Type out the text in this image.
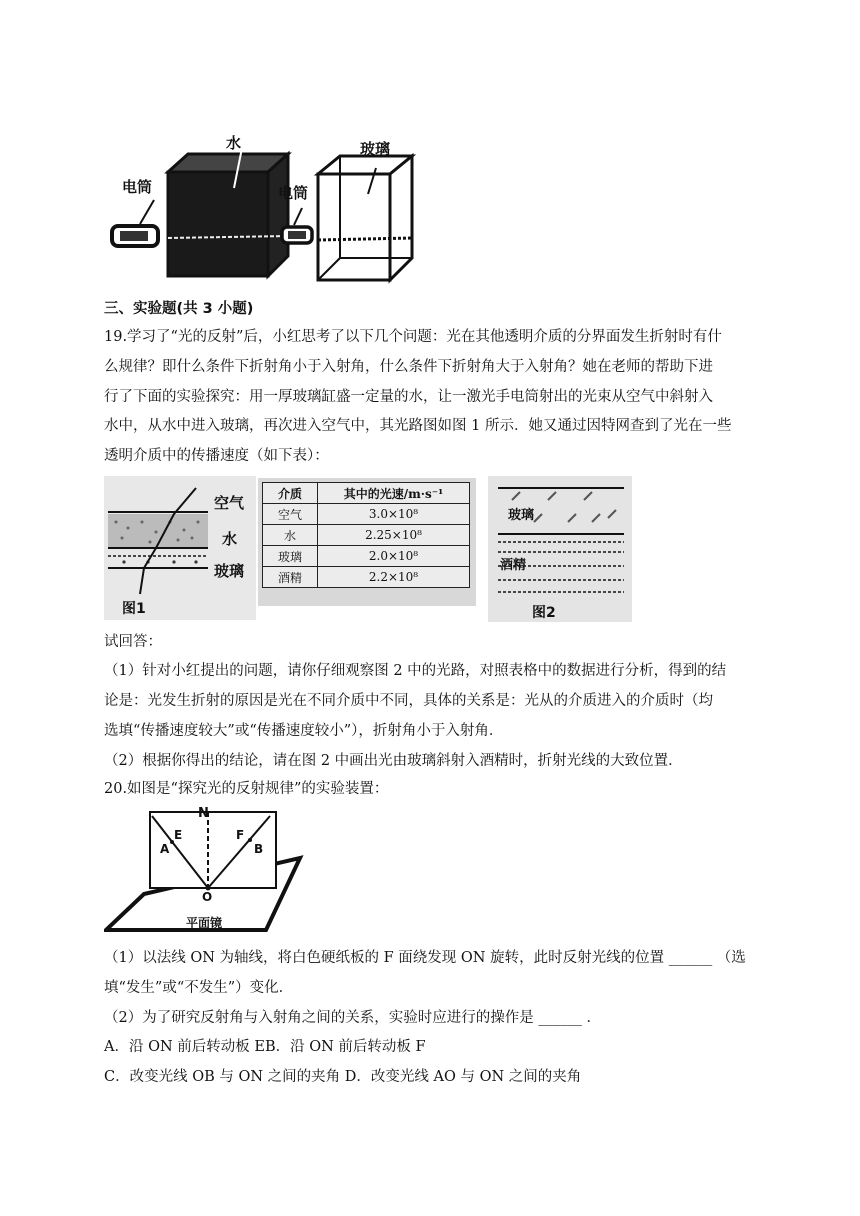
电筒
水
电筒
玻璃
三、实验题(共 3 小题)
19.学习了“光的反射”后，小红思考了以下几个问题：光在其他透明介质的分界面发生折射时有什
么规律？即什么条件下折射角小于入射角，什么条件下折射角大于入射角？她在老师的帮助下进
行了下面的实验探究：用一厚玻璃缸盛一定量的水，让一激光手电筒射出的光束从空气中斜射入
水中，从水中进入玻璃，再次进入空气中，其光路图如图 1 所示．她又通过因特网查到了光在一些
透明介质中的传播速度（如下表）：
空气
水
玻璃
图1
介质	其中的光速/m·s⁻¹
空气	3.0×10⁸
水	2.25×10⁸
玻璃	2.0×10⁸
酒精	2.2×10⁸
玻璃
酒精
图2
试回答：
（1）针对小红提出的问题，请你仔细观察图 2 中的光路，对照表格中的数据进行分析，得到的结
论是：光发生折射的原因是光在不同介质中不同，具体的关系是：光从的介质进入的介质时（均
选填“传播速度较大”或“传播速度较小”），折射角小于入射角．
（2）根据你得出的结论，请在图 2 中画出光由玻璃斜射入酒精时，折射光线的大致位置．
20.如图是“探究光的反射规律”的实验装置：
N
E
A
F
B
O
平面镜
（1）以法线 ON 为轴线，将白色硬纸板的 F 面绕发现 ON 旋转，此时反射光线的位置 ______ （选
填“发生”或“不发生”）变化．
（2）为了研究反射角与入射角之间的关系，实验时应进行的操作是 ______ ．
A．沿 ON 前后转动板 EB．沿 ON 前后转动板 F
C．改变光线 OB 与 ON 之间的夹角 D．改变光线 AO 与 ON 之间的夹角
